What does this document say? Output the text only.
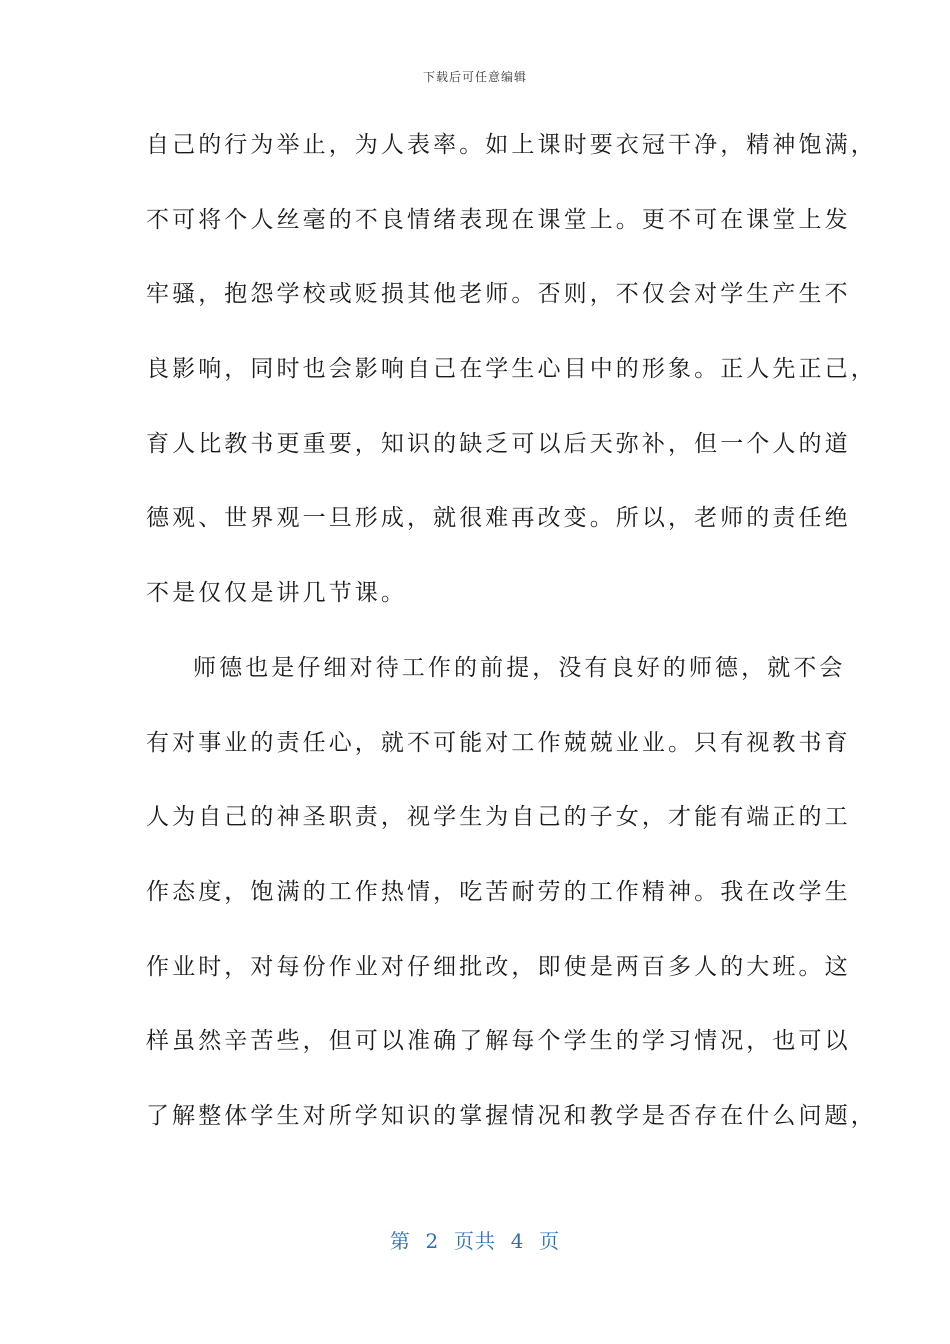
下载后可任意编辑
自己的行为举止，为人表率。如上课时要衣冠干净，精神饱满，
不可将个人丝毫的不良情绪表现在课堂上。更不可在课堂上发
牢骚，抱怨学校或贬损其他老师。否则，不仅会对学生产生不
良影响，同时也会影响自己在学生心目中的形象。正人先正己，
育人比教书更重要，知识的缺乏可以后天弥补，但一个人的道
德观、世界观一旦形成，就很难再改变。所以，老师的责任绝
不是仅仅是讲几节课。
师德也是仔细对待工作的前提，没有良好的师德，就不会
有对事业的责任心，就不可能对工作兢兢业业。只有视教书育
人为自己的神圣职责，视学生为自己的子女，才能有端正的工
作态度，饱满的工作热情，吃苦耐劳的工作精神。我在改学生
作业时，对每份作业对仔细批改，即使是两百多人的大班。这
样虽然辛苦些，但可以准确了解每个学生的学习情况，也可以
了解整体学生对所学知识的掌握情况和教学是否存在什么问题，
第  2  页共  4  页
